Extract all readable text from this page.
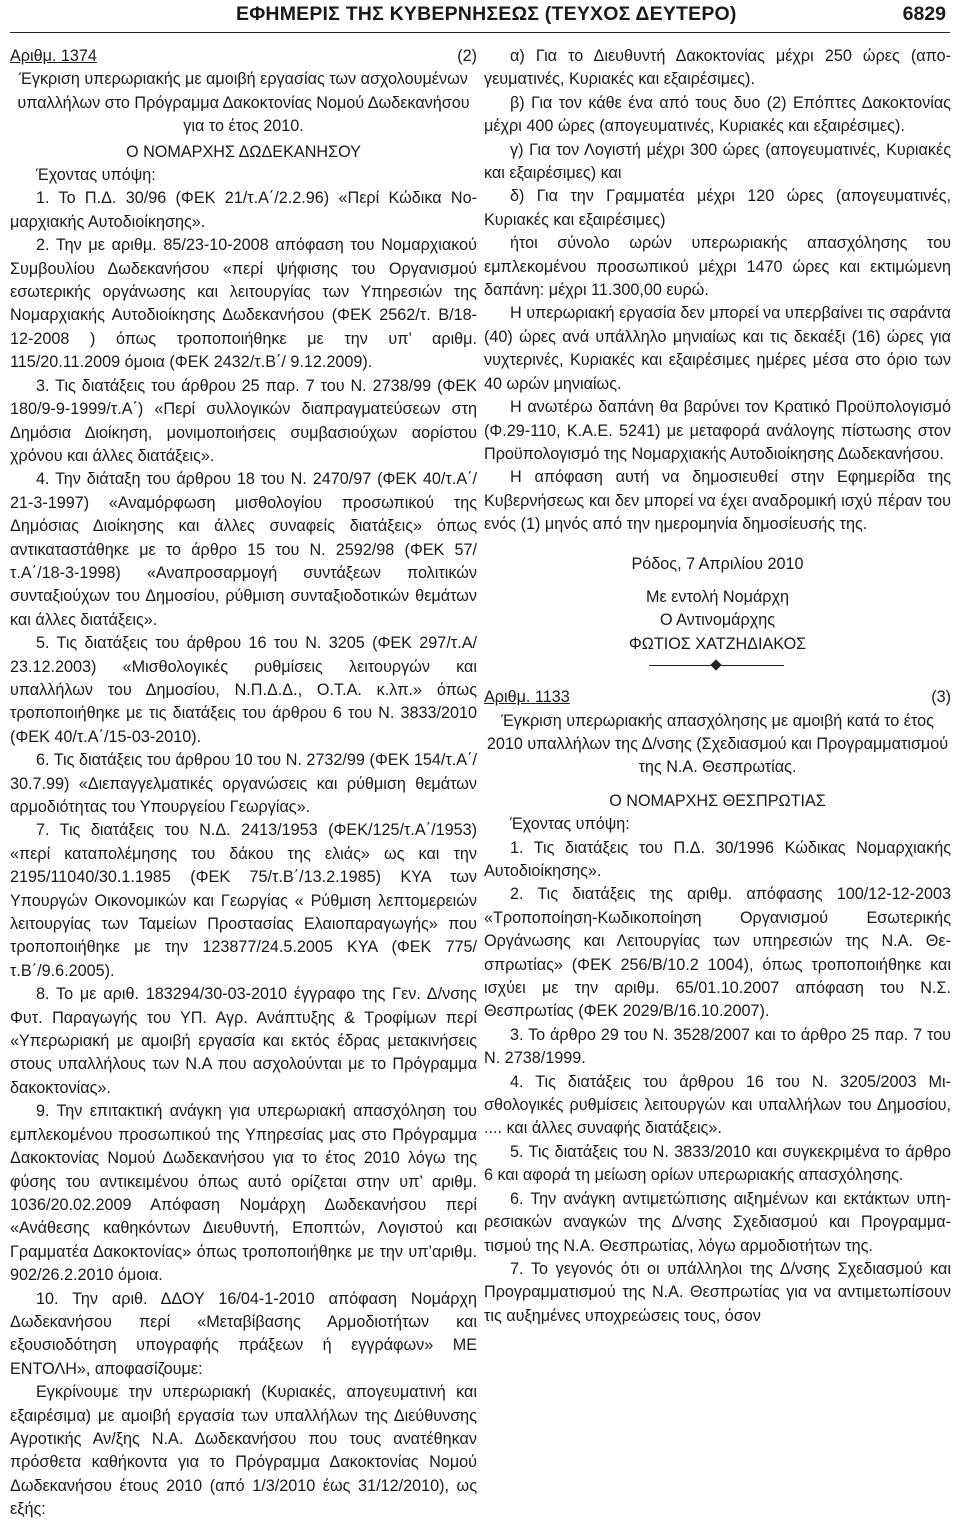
ΕΦΗΜΕΡΙΣ ΤΗΣ ΚΥΒΕΡΝΗΣΕΩΣ (ΤΕΥΧΟΣ ΔΕΥΤΕΡΟ)	6829
Αριθμ. 1374	(2)

Έγκριση υπερωριακής με αμοιβή εργασίας των ασχολουμένων υπαλλήλων στο Πρόγραμμα Δακοκτονίας Νομού Δωδεκανήσου για το έτος 2010.

Ο ΝΟΜΑΡΧΗΣ ΔΩΔΕΚΑΝΗΣΟΥ

Έχοντας υπόψη:

1. Το Π.Δ. 30/96 (ΦΕΚ 21/τ.Α΄/2.2.96) «Περί Κώδικα Νομαρχιακής Αυτοδιοίκησης».

2. Την με αριθμ. 85/23-10-2008 απόφαση του Νομαρχιακού Συμβουλίου Δωδεκανήσου «περί ψήφισης του Οργανισμού εσωτερικής οργάνωσης και λειτουργίας των Υπηρεσιών της Νομαρχιακής Αυτοδιοίκησης Δωδεκανήσου (ΦΕΚ 2562/τ. Β/18-12-2008 ) όπως τροποποιήθηκε με την υπ’ αριθμ. 115/20.11.2009 όμοια (ΦΕΚ 2432/τ.Β΄/ 9.12.2009).

3. Τις διατάξεις του άρθρου 25 παρ. 7 του Ν. 2738/99 (ΦΕΚ 180/9-9-1999/τ.Α΄) «Περί συλλογικών διαπραγματεύσεων στη Δημόσια Διοίκηση, μονιμοποιήσεις συμβασιούχων αορίστου χρόνου και άλλες διατάξεις».

4. Την διάταξη του άρθρου 18 του Ν. 2470/97 (ΦΕΚ 40/τ.Α΄/ 21-3-1997) «Αναμόρφωση μισθολογίου προσωπικού της Δημόσιας Διοίκησης και άλλες συναφείς διατάξεις» όπως αντικαταστάθηκε με το άρθρο 15 του Ν. 2592/98 (ΦΕΚ 57/τ.Α΄/18-3-1998) «Αναπροσαρμογή συντάξεων πολιτικών συνταξιούχων του Δημοσίου, ρύθμιση συνταξιοδοτικών θεμάτων και άλλες διατάξεις».

5. Τις διατάξεις του άρθρου 16 του Ν. 3205 (ΦΕΚ 297/τ.Α/ 23.12.2003) «Μισθολογικές ρυθμίσεις λειτουργών και υπαλλήλων του Δημοσίου, Ν.Π.Δ.Δ., Ο.Τ.Α. κ.λπ.» όπως τροποποιήθηκε με τις διατάξεις του άρθρου 6 του Ν. 3833/2010 (ΦΕΚ 40/τ.Α΄/15-03-2010).

6. Τις διατάξεις του άρθρου 10 του Ν. 2732/99 (ΦΕΚ 154/τ.Α΄/ 30.7.99) «Διεπαγγελματικές οργανώσεις και ρύθμιση θεμάτων αρμοδιότητας του Υπουργείου Γεωργίας».

7. Τις διατάξεις του Ν.Δ. 2413/1953 (ΦΕΚ/125/τ.Α΄/1953) «περί καταπολέμησης του δάκου της ελιάς» ως και την 2195/11040/30.1.1985 (ΦΕΚ 75/τ.Β΄/13.2.1985) ΚΥΑ των Υπουργών Οικονομικών και Γεωργίας « Ρύθμιση λεπτομερειών λειτουργίας των Ταμείων Προστασίας Ελαιοπαραγωγής» που τροποποιήθηκε με την 123877/24.5.2005 ΚΥΑ (ΦΕΚ 775/τ.Β΄/9.6.2005).

8. Το με αριθ. 183294/30-03-2010 έγγραφο της Γεν. Δ/νσης Φυτ. Παραγωγής του ΥΠ. Αγρ. Ανάπτυξης & Τροφίμων περί «Υπερωριακή με αμοιβή εργασία και εκτός έδρας μετακινήσεις στους υπαλλήλους των Ν.Α που ασχολούνται με το Πρόγραμμα δακοκτονίας».

9. Την επιτακτική ανάγκη για υπερωριακή απασχόληση του εμπλεκομένου προσωπικού της Υπηρεσίας μας στο Πρόγραμμα Δακοκτονίας Νομού Δωδεκανήσου για το έτος 2010 λόγω της φύσης του αντικειμένου όπως αυτό ορίζεται στην υπ’ αριθμ. 1036/20.02.2009 Απόφαση Νομάρχη Δωδεκανήσου περί «Ανάθεσης καθηκόντων Διευθυντή, Εποπτών, Λογιστού και Γραμματέα Δακοκτονίας» όπως τροποποιήθηκε με την υπ’αριθμ. 902/26.2.2010 όμοια.

10. Την αριθ. ΔΔΟΥ 16/04-1-2010 απόφαση Νομάρχη Δωδεκανήσου περί «Μεταβίβασης Αρμοδιοτήτων και εξουσιοδότηση υπογραφής πράξεων ή εγγράφων» ΜΕ ΕΝΤΟΛΗ», αποφασίζουμε:

Εγκρίνουμε την υπερωριακή (Κυριακές, απογευματινή και εξαιρέσιμα) με αμοιβή εργασία των υπαλλήλων της Διεύθυνσης Αγροτικής Αν/ξης Ν.Α. Δωδεκανήσου που τους ανατέθηκαν πρόσθετα καθήκοντα για το Πρόγραμμα Δακοκτονίας Νομού Δωδεκανήσου έτους 2010 (από 1/3/2010 έως 31/12/2010), ως εξής:

α) Για το Διευθυντή Δακοκτονίας μέχρι 250 ώρες (απογευματινές, Κυριακές και εξαιρέσιμες).

β) Για τον κάθε ένα από τους δυο (2) Επόπτες Δακοκτονίας μέχρι 400 ώρες (απογευματινές, Κυριακές και εξαιρέσιμες).

γ) Για τον Λογιστή μέχρι 300 ώρες (απογευματινές, Κυριακές και εξαιρέσιμες) και

δ) Για την Γραμματέα μέχρι 120 ώρες (απογευματινές, Κυριακές και εξαιρέσιμες)

ήτοι σύνολο ωρών υπερωριακής απασχόλησης του εμπλεκομένου προσωπικού μέχρι 1470 ώρες και εκτιμώμενη δαπάνη: μέχρι 11.300,00 ευρώ.

Η υπερωριακή εργασία δεν μπορεί να υπερβαίνει τις σαράντα (40) ώρες ανά υπάλληλο μηνιαίως και τις δεκαέξι (16) ώρες για νυχτερινές, Κυριακές και εξαιρέσιμες ημέρες μέσα στο όριο των 40 ωρών μηνιαίως.

Η ανωτέρω δαπάνη θα βαρύνει τον Κρατικό Προϋπολογισμό (Φ.29-110, Κ.Α.Ε. 5241) με μεταφορά ανάλογης πίστωσης στον Προϋπολογισμό της Νομαρχιακής Αυτοδιοίκησης Δωδεκανήσου.

Η απόφαση αυτή να δημοσιευθεί στην Εφημερίδα της Κυβερνήσεως και δεν μπορεί να έχει αναδρομική ισχύ πέραν του ενός (1) μηνός από την ημερομηνία δημοσίευσής της.

Ρόδος, 7 Απριλίου 2010

Με εντολή Νομάρχη

Ο Αντινομάρχης

ΦΩΤΙΟΣ ΧΑΤΖΗΔΙΑΚΟΣ

Αριθμ. 1133	(3)

Έγκριση υπερωριακής απασχόλησης με αμοιβή κατά το έτος 2010 υπαλλήλων της Δ/νσης (Σχεδιασμού και Προγραμματισμού της Ν.Α. Θεσπρωτίας.

Ο ΝΟΜΑΡΧΗΣ ΘΕΣΠΡΩΤΙΑΣ

Έχοντας υπόψη:

1. Τις διατάξεις του Π.Δ. 30/1996 Κώδικας Νομαρχιακής Αυτοδιοίκησης».

2. Τις διατάξεις της αριθμ. απόφασης 100/12-12-2003 «Τροποποίηση-Κωδικοποίηση Οργανισμού Εσωτερικής Οργάνωσης και Λειτουργίας των υπηρεσιών της Ν.Α. Θεσπρωτίας» (ΦΕΚ 256/Β/10.2 1004), όπως τροποποιήθηκε και ισχύει με την αριθμ. 65/01.10.2007 απόφαση του Ν.Σ. Θεσπρωτίας (ΦΕΚ 2029/Β/16.10.2007).

3. Το άρθρο 29 του Ν. 3528/2007 και το άρθρο 25 παρ. 7 του Ν. 2738/1999.

4. Τις διατάξεις του άρθρου 16 του Ν. 3205/2003 Μισθολογικές ρυθμίσεις λειτουργών και υπαλλήλων του Δημοσίου, .... και άλλες συναφής διατάξεις».

5. Τις διατάξεις του Ν. 3833/2010 και συγκεκριμένα το άρθρο 6 και αφορά τη μείωση ορίων υπερωριακής απασχόλησης.

6. Την ανάγκη αντιμετώπισης αιξημένων και εκτάκτων υπηρεσιακών αναγκών της Δ/νσης Σχεδιασμού και Προγραμματισμού της Ν.Α. Θεσπρωτίας, λόγω αρμοδιοτήτων της.

7. Το γεγονός ότι οι υπάλληλοι της Δ/νσης Σχεδιασμού και Προγραμματισμού της Ν.Α. Θεσπρωτίας για να αντιμετωπίσουν τις αυξημένες υποχρεώσεις τους, όσον
